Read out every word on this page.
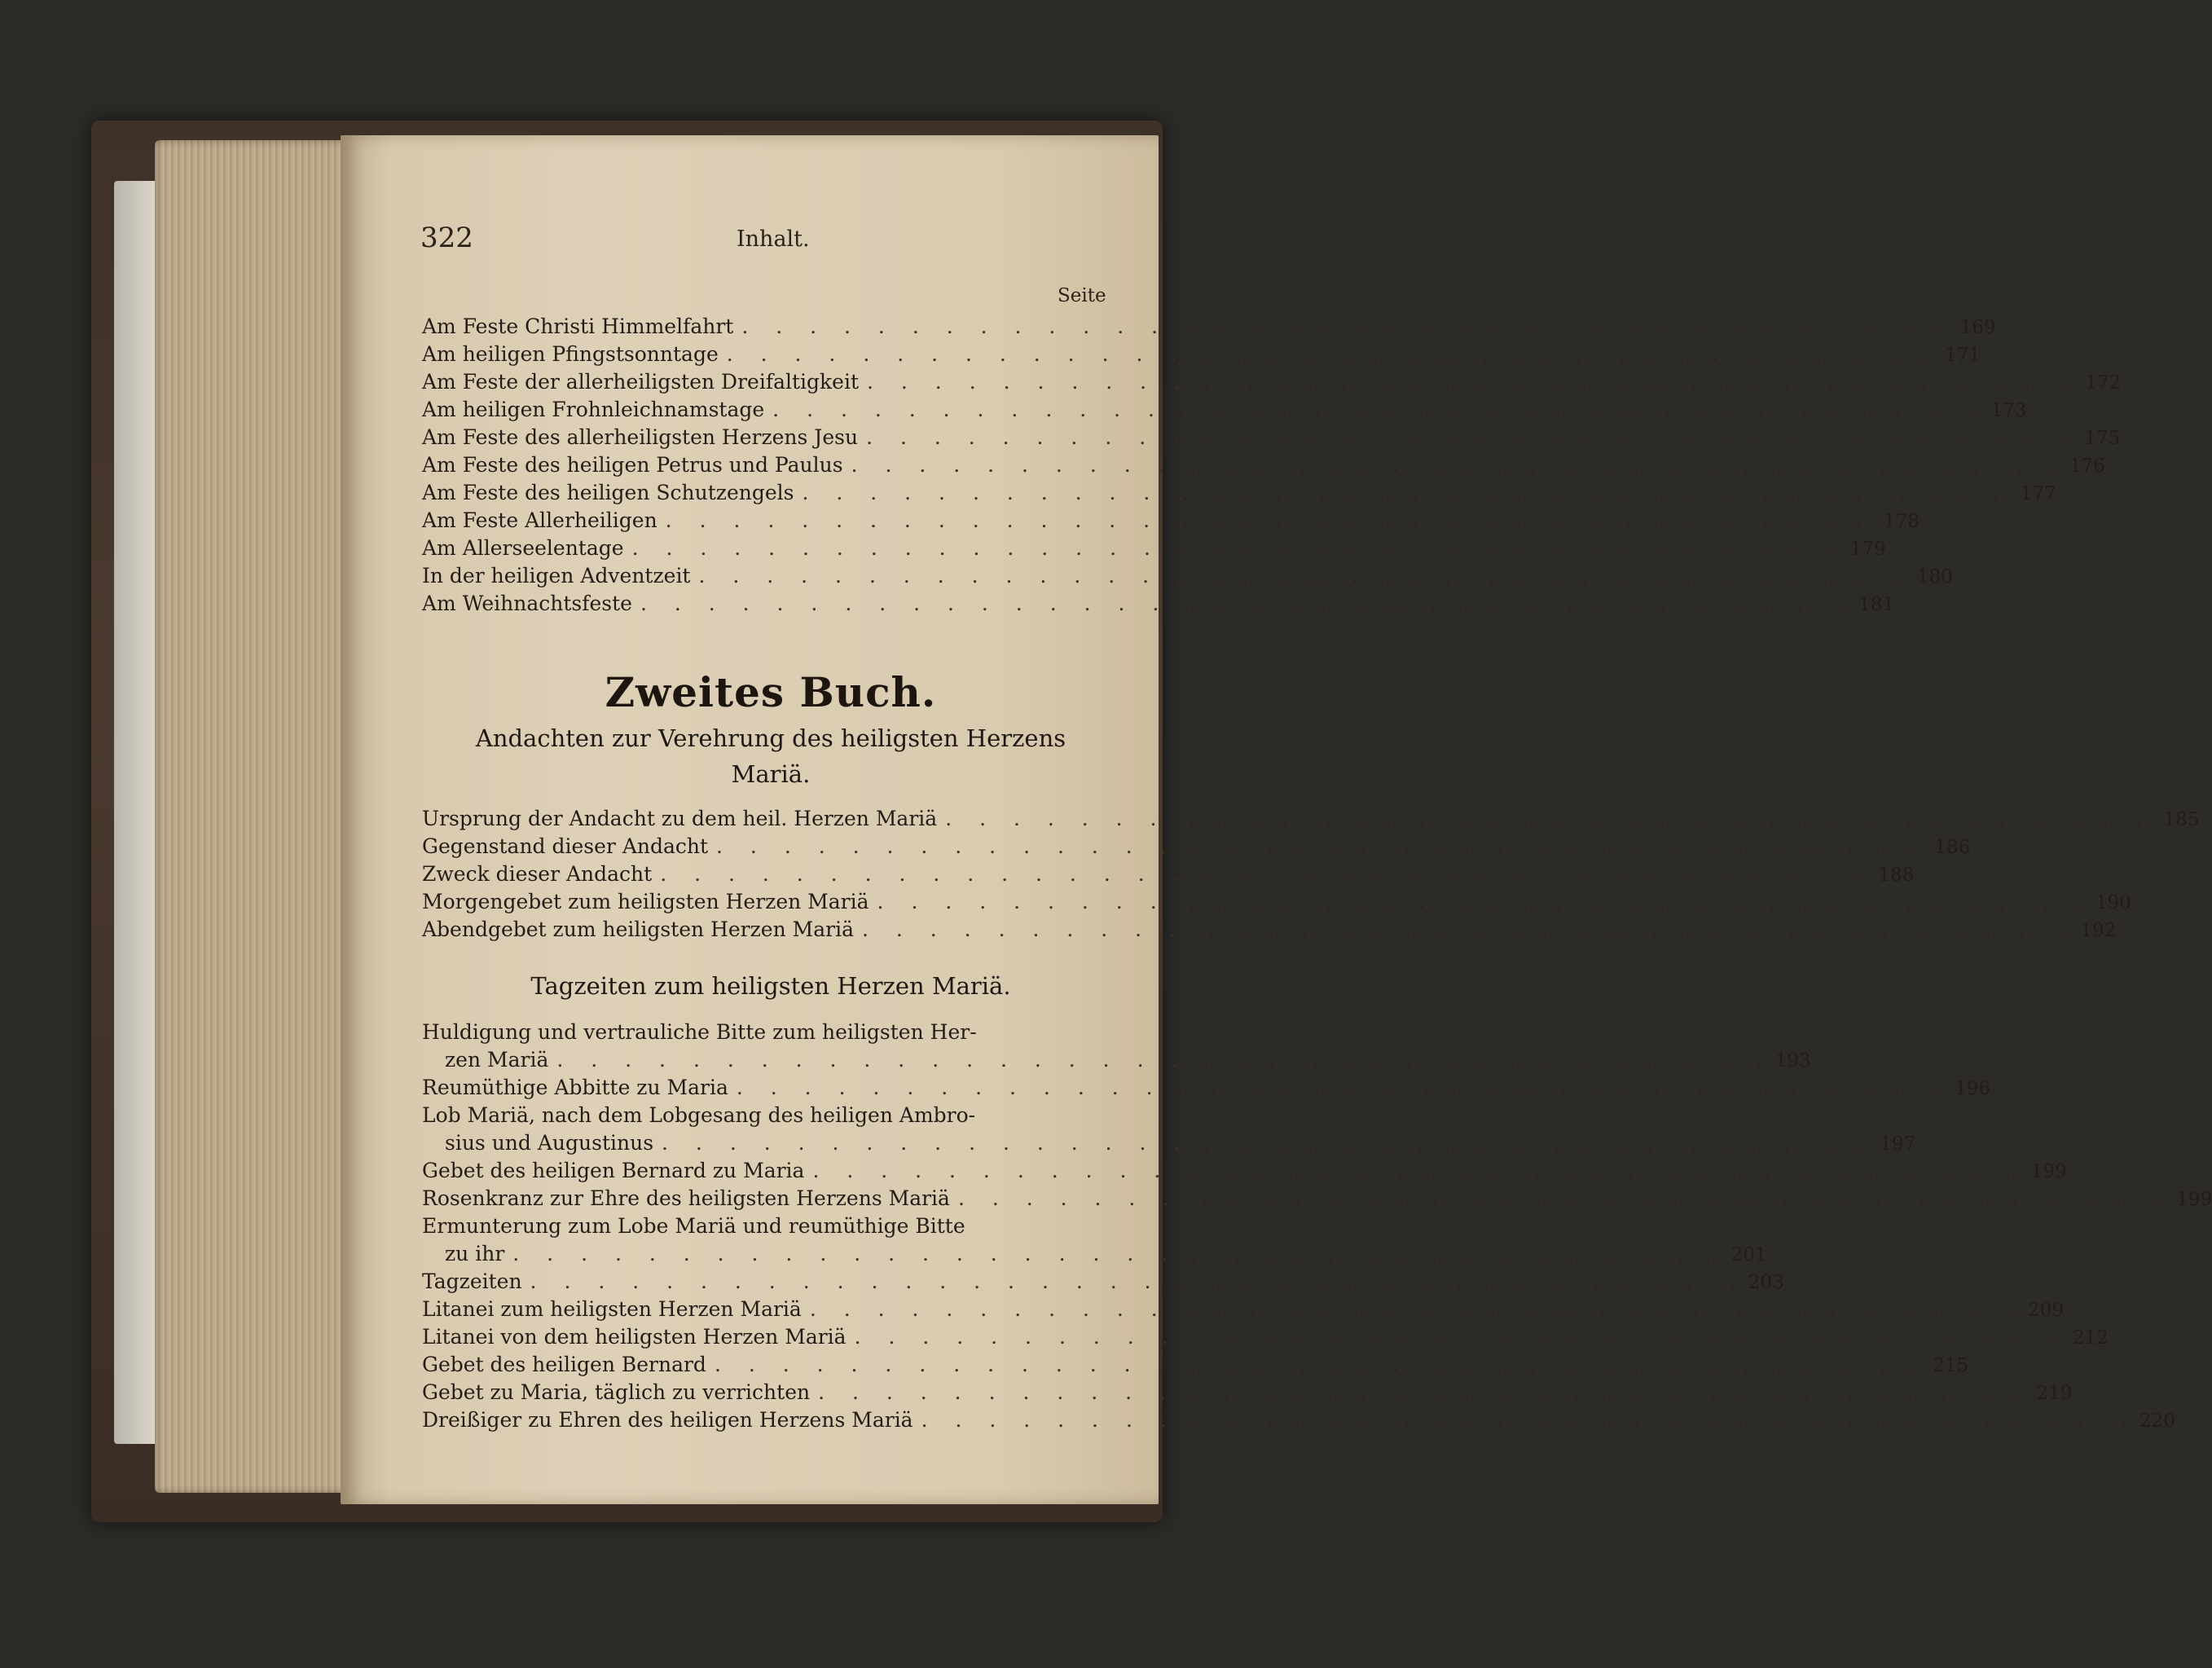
322	Inhalt.
Seite
Am Feste Christi Himmelfahrt . . . . . . . . . . . . . . . . . . . . . . . . . . . . . . . . . . . . 169
Am heiligen Pfingstsonntage . . . . . . . . . . . . . . . . . . . . . . . . . . . . . . . . . . . . 171
Am Feste der allerheiligsten Dreifaltigkeit . . . . . . . . . . . . . . . . . . . . . . . . . . . . . . . . . . . . 172
Am heiligen Frohnleichnamstage . . . . . . . . . . . . . . . . . . . . . . . . . . . . . . . . . . . . 173
Am Feste des allerheiligsten Herzens Jesu . . . . . . . . . . . . . . . . . . . . . . . . . . . . . . . . . . . . 175
Am Feste des heiligen Petrus und Paulus . . . . . . . . . . . . . . . . . . . . . . . . . . . . . . . . . . . . 176
Am Feste des heiligen Schutzengels . . . . . . . . . . . . . . . . . . . . . . . . . . . . . . . . . . . . 177
Am Feste Allerheiligen . . . . . . . . . . . . . . . . . . . . . . . . . . . . . . . . . . . . 178
Am Allerseelentage . . . . . . . . . . . . . . . . . . . . . . . . . . . . . . . . . . . . 179
In der heiligen Adventzeit . . . . . . . . . . . . . . . . . . . . . . . . . . . . . . . . . . . . 180
Am Weihnachtsfeste . . . . . . . . . . . . . . . . . . . . . . . . . . . . . . . . . . . . 181
Zweites Buch.
Andachten zur Verehrung des heiligsten Herzens
Mariä.
Ursprung der Andacht zu dem heil. Herzen Mariä . . . . . . . . . . . . . . . . . . . . . . . . . . . . . . . . . . . . 185
Gegenstand dieser Andacht . . . . . . . . . . . . . . . . . . . . . . . . . . . . . . . . . . . . 186
Zweck dieser Andacht . . . . . . . . . . . . . . . . . . . . . . . . . . . . . . . . . . . . 188
Morgengebet zum heiligsten Herzen Mariä . . . . . . . . . . . . . . . . . . . . . . . . . . . . . . . . . . . . 190
Abendgebet zum heiligsten Herzen Mariä . . . . . . . . . . . . . . . . . . . . . . . . . . . . . . . . . . . . 192
Tagzeiten zum heiligsten Herzen Mariä.
Huldigung und vertrauliche Bitte zum heiligsten Her-
zen Mariä . . . . . . . . . . . . . . . . . . . . . . . . . . . . . . . . . . . . 193
Reumüthige Abbitte zu Maria . . . . . . . . . . . . . . . . . . . . . . . . . . . . . . . . . . . . 196
Lob Mariä, nach dem Lobgesang des heiligen Ambro-
sius und Augustinus . . . . . . . . . . . . . . . . . . . . . . . . . . . . . . . . . . . . 197
Gebet des heiligen Bernard zu Maria . . . . . . . . . . . . . . . . . . . . . . . . . . . . . . . . . . . . 199
Rosenkranz zur Ehre des heiligsten Herzens Mariä . . . . . . . . . . . . . . . . . . . . . . . . . . . . . . . . . . . . 199
Ermunterung zum Lobe Mariä und reumüthige Bitte
zu ihr . . . . . . . . . . . . . . . . . . . . . . . . . . . . . . . . . . . . 201
Tagzeiten . . . . . . . . . . . . . . . . . . . . . . . . . . . . . . . . . . . . 203
Litanei zum heiligsten Herzen Mariä . . . . . . . . . . . . . . . . . . . . . . . . . . . . . . . . . . . . 209
Litanei von dem heiligsten Herzen Mariä . . . . . . . . . . . . . . . . . . . . . . . . . . . . . . . . . . . . 212
Gebet des heiligen Bernard . . . . . . . . . . . . . . . . . . . . . . . . . . . . . . . . . . . . 215
Gebet zu Maria, täglich zu verrichten . . . . . . . . . . . . . . . . . . . . . . . . . . . . . . . . . . . . 219
Dreißiger zu Ehren des heiligen Herzens Mariä . . . . . . . . . . . . . . . . . . . . . . . . . . . . . . . . . . . . 220
